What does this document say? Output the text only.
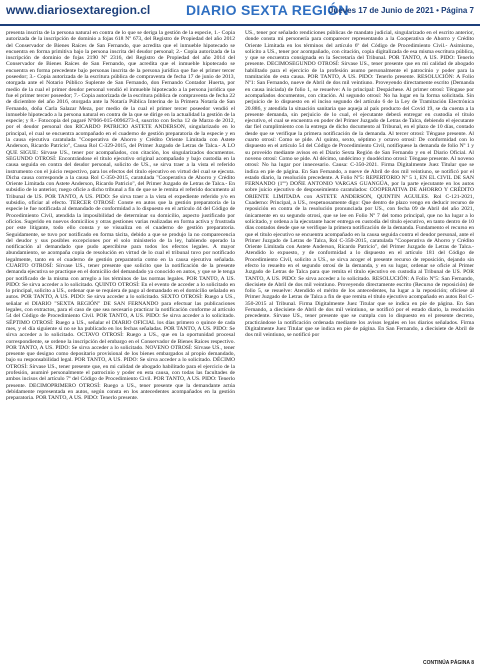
www.diariosextaregion.cl	DIARIO SEXTA REGIÓN
Jueves 17 de Junio de 2021 • Página 7

presenta inscrita de la persona natural en contra de lo que se deriga la gestión de la especie, 1.- Copia autorizada de la inscripción de dominio a fojas 618 Nº 673, del Registro de Propiedad del año 2012 del Conservador de Bienes Raíces de San Fernando, que acredita que el inmueble hipotecado se encuentra en forma primitiva bajo la persona inscrita del deudor personal; 2.- Copia autorizada de la inscripción de dominio de fojas 2190 Nº 2316, del Registro de Propiedad del año 2014 del Conservador de Bienes Raíces de San Fernando, que acredita que el inmueble hipotecado se encuentra en forma precedente bajo personas inscrita de la persona jurídica que fue el primer tercer poseedor; 3.- Copia autorizada de la escritura pública de compraventa de fecha 17 de junio de 2013, otorgada ante el Notario Público Suplente de San Fernando, don Fernando Contador Huerta, por medio de la cual el primer deudor personal vendió el inmueble hipotecado a la persona jurídica que fue el primer tercer poseedor; 7.- Copia autorizada de la escritura pública de compraventa de fecha 22 de diciembre del año 2016, otorgada ante la Notaría Pública Interina de la Primera Notaría de San Fernando, doña Carla Salazar Meza, por medio de la cual el primer tercer poseedor vendió el inmueble hipotecado a la persona natural en contra de la que se dirige en la actualidad la gestión de la especie; y 8.- Fotocopia del pagaré Nº066-015-0096273-4, suscrito con fecha 12 de Marzo de 2012, por el deudor personal don RICARDO PATRICIO ASTETE ANDERSON, singularizado en lo principal, el cual se encuentra acompañado en el cuaderno de gestión preparatoria de la especie y en la causa ejecutiva caratulada "Cooperativa de Ahorro y Crédito Oriente Limitada con Astete Anderson, Ricardo Patricio", Causa Rol C-329-2015, del Primer Juzgado de Letras de Talca.- A LO QUE SIGUE: Sírvase US., tener por acompañados, con citación, los singularizados documentos. SEGUNDO OTROSÍ: Encontrándose el título ejecutivo original acompañado y bajo custodia en la causa seguida en contra del deudor personal, solicito de US., se sirva traer a la vista el referido instrumento con el juicio respectivo, para los efectos del título ejecutivo en virtud del cual se ejecuta. Dicha causa corresponde a la causa Rol C-350-2015, caratulada "Cooperativa de Ahorro y Crédito Oriente Limitada con Astete Anderson, Ricardo Patricio", del Primer Juzgado de Letras de Talca.- En subsidio de lo anterior, ruego oficie a dicho tribunal a fin de que se le remita el referido documento al Tribunal de US. POR TANTO, A US. PIDO: Se sirva traer a la vista el expediente referido y/o en subsidio, oficiar al efecto. TERCER OTROSÍ: Conste en autos que la gestión preparatoria de la especie le fue notificada al demandado de conformidad a lo dispuesto en el artículo 44 del Código de Procedimiento Civil, atendida la imposibilidad de determinar su domicilio, aspecto justificado por oficios. Sugerido en nuevos domicilios y otras gestiones varias realizadas en forma activa y frustrada por este litigante, todo ello consta y se visualiza en el cuaderno de gestión preparatoria. Seguidamente, se tuvo por notificado en forma tácita, debido a que se produjo la no comparecencia del deudor y sus posibles excepciones por el solo ministerio de la ley, habiendo operado la notificación al demandado que pudo apercibirse para todos los efectos legales. A mayor abundamiento, se acompaña copia de resolución en virtud de lo cual el tribunal tuvo por notificado legalmente, tanto en el cuaderno de gestión preparatoria como en la causa ejecutiva señalada. CUARTO OTROSÍ: Sírvase US., tener presente que solicito que la notificación de la presente demanda ejecutiva se practique en el domicilio del demandado ya conocido en autos, y que se le tenga por notificado de la misma con arreglo a los términos de las normas legales. POR TANTO, A US. PIDO: Se sirva acceder a lo solicitado. QUINTO OTROSÍ: En el evento de acceder a lo solicitado en lo principal, solicito a US., ordenar que se requiera de pago al demandado en el domicilio señalado en autos. POR TANTO, A US. PIDO: Se sirva acceder a lo solicitado. SEXTO OTROSÍ: Ruego a US., señalar el DIARIO "SEXTA REGIÓN" DE SAN FERNANDO para efectuar las publicaciones legales, con extractos, para el caso de que sea necesario practicar la notificación conforme al artículo 54 del Código de Procedimiento Civil. POR TANTO, A US. PIDO: Se sirva acceder a lo solicitado. SÉPTIMO OTROSÍ: Ruego a US., señalar el DIARIO OFICIAL los días primero o quince de cada mes, y el día siguiente si no se ha publicado en los fechas señaladas. POR TANTO, A US. PIDO: Se sirva acceder a lo solicitado. OCTAVO OTROSÍ: Ruego a US., que en la oportunidad procesal correspondiente, se ordene la inscripción del embargo en el Conservador de Bienes Raíces respectivo. POR TANTO, A US. PIDO: Se sirva acceder a lo solicitado. NOVENO OTROSÍ: Sírvase US., tener presente que designo como depositario provisional de los bienes embargados al propio demandado, bajo su responsabilidad legal. POR TANTO, A US. PIDO: Se sirva acceder a lo solicitado. DÉCIMO OTROSÍ: Sírvase US., tener presente que, en mi calidad de abogado habilitado para el ejercicio de la profesión, asumiré personalmente el patrocinio y poder en esta causa, con todas las facultades de ambos incisos del artículo 7º del Código de Procedimiento Civil. POR TANTO, A US. PIDO: Tenerlo presente. DECIMOPRIMERO OTROSÍ: Ruego a US., tener presente que la demandante actúa debidamente representada en autos, según consta en los antecedentes acompañados en la gestión preparatoria. POR TANTO, A US. PIDO: Tenerlo presente.

US., tener por señalado rendiciones públicas de mandato judicial, singularizado en el escrito anterior, donde consta mi personería para comparecer representando a la Cooperativa de Ahorro y Crédito Oriente Limitada en los términos del artículo 6º del Código de Procedimiento Civil.- Asimismo, solicito a US., tener por acompañado, con citación, copia digitalizada de esa misma escritura pública, y que se encuentra consignada en la Secretaría del Tribunal. POR TANTO, A US. PIDO: Tenerlo presente. DECIMOSEGUNDO OTROSÍ: Sírvase US., tener presente que en mi calidad de abogado habilitado para el ejercicio de la profesión asumo personalmente el patrocinio y poder para la tramitación de esta causa. POR TANTO, A US. PIDO: Tenerlo presente. RESOLUCIÓN: A Folio Nº1: San Fernando, nueve de Abril de dos mil veintiuno. Proveyendo directamente escrito (Demanda en causa iniciada) de folio 1, se resuelve: A lo principal: Despáchese. Al primer otrosí: Téngase por acompañados documentos, con citación. Al segundo otrosí: No ha lugar en la forma solicitada. Sin perjuicio de lo dispuesto en el inciso segundo del artículo 6 de la Ley de Tramitación Electrónica 20.886, y atendida la situación sanitaria que aqueja al país producto del Covid 19, se da cuenta a la presente demanda, sin perjuicio de lo cual, el ejecutante deberá entregar en custodia el título ejecutivo, el cual se encuentra en poder del Primer Juzgado de Letras de Talca, debiendo el ejecutante dar fiel cumplimiento con la entrega de dicho documento al Tribunal, en el plazo de 10 días, contado desde que se verifique la primera notificación de la demanda. Al tercer otrosí: Téngase presente. Al cuarto otrosí: Como se pide. Al quinto, sexto, séptimo y octavo otrosí: De conformidad con lo dispuesto en el artículo 54 del Código de Procedimiento Civil, notifíquese la demanda de folio Nº 1 y su proveído mediante avisos en el Diario Sexta Región de San Fernando y en el Diario Oficial. Al noveno otrosí: Como se pide. Al décimo, undécimo y duodécimo otrosí: Téngase presente. Al noveno otrosí: No ha lugar por innecesario. Causa: C-350-2021. Firma Digitalmente Juez Titular que se indica en pie de página. En San Fernando, a nueve de Abril de dos mil veintiuno, se notificó por el estado diario, la resolución precedente. A Folio Nº5: REPERTORIO Nº 5 1, EN EL CIVIL DE SAN FERNANDO (1ºº) DOÑE ANTONIO VARGAS GUANGÚA, por la parte ejecutante en los autos sobre juicio ejecutivo de desposeimiento caratulados: COOPERATIVA DE AHORRO Y CRÉDITO ORIENTE LIMITADA con ASTETE ANDERSON, QUINTIN AGUILES. Rol C-121-2021, Cuaderno: Principal, a US., respetuosamente digo: Que dentro de plazo vengo en deducir recurso de reposición en contra de la resolución pronunciada por US., con fecha 09 de Abril del año 2021, únicamente en su segundo otrosí, que se lee en Folio Nº 7 del tomo principal, que no ha lugar a lo solicitado, y ordena a la ejecutante hacer entrega en custodia del título ejecutivo, en tanto dentro de 10 días contados desde que se verifique la primera notificación de la demanda. Fundamento el recurso en que el título ejecutivo se encuentra acompañado en la causa seguida contra el deudor personal, ante el Primer Juzgado de Letras de Talca, Rol C-350-2015, caratulada "Cooperativa de Ahorro y Crédito Oriente Limitada con Astete Anderson, Ricardo Patricio", del Primer Juzgado de Letras de Talca.- Atendido lo expuesto, y de conformidad a lo dispuesto en el artículo 181 del Código de Procedimiento Civil, solicito a US., se sirva acoger el presente recurso de reposición, dejando sin efecto lo resuelto en el segundo otrosí de la demanda, y en su lugar, ordenar se oficie al Primer Juzgado de Letras de Talca para que remita el título ejecutivo en custodia al Tribunal de US. POR TANTO, A US. PIDO: Se sirva acceder a lo solicitado. RESOLUCIÓN: A Folio Nº5: San Fernando, diecisiete de Abril de dos mil veintiuno. Proveyendo directamente escrito (Recurso de reposición) de folio 5, se resuelve: Atendido el mérito de los antecedentes, ha lugar a la reposición; ofíciese al Primer Juzgado de Letras de Talca a fin de que remita el título ejecutivo acompañado en autos Rol C-350-2015 al Tribunal. Firma Digitalmente Juez Titular que se indica en pie de página. En San Fernando, a diecisiete de Abril de dos mil veintiuno, se notificó por el estado diario, la resolución precedente. Sírvase US., tener presente que se cumpla con lo dispuesto en el presente decreto, practicándose la notificación ordenada mediante los avisos legales en los diarios señalados. Firma Digitalmente Juez Titular que se indica en pie de página. En San Fernando, a diecisiete de Abril de dos mil veintiuno, se notificó por

CONTINÚA PÁGINA 8
